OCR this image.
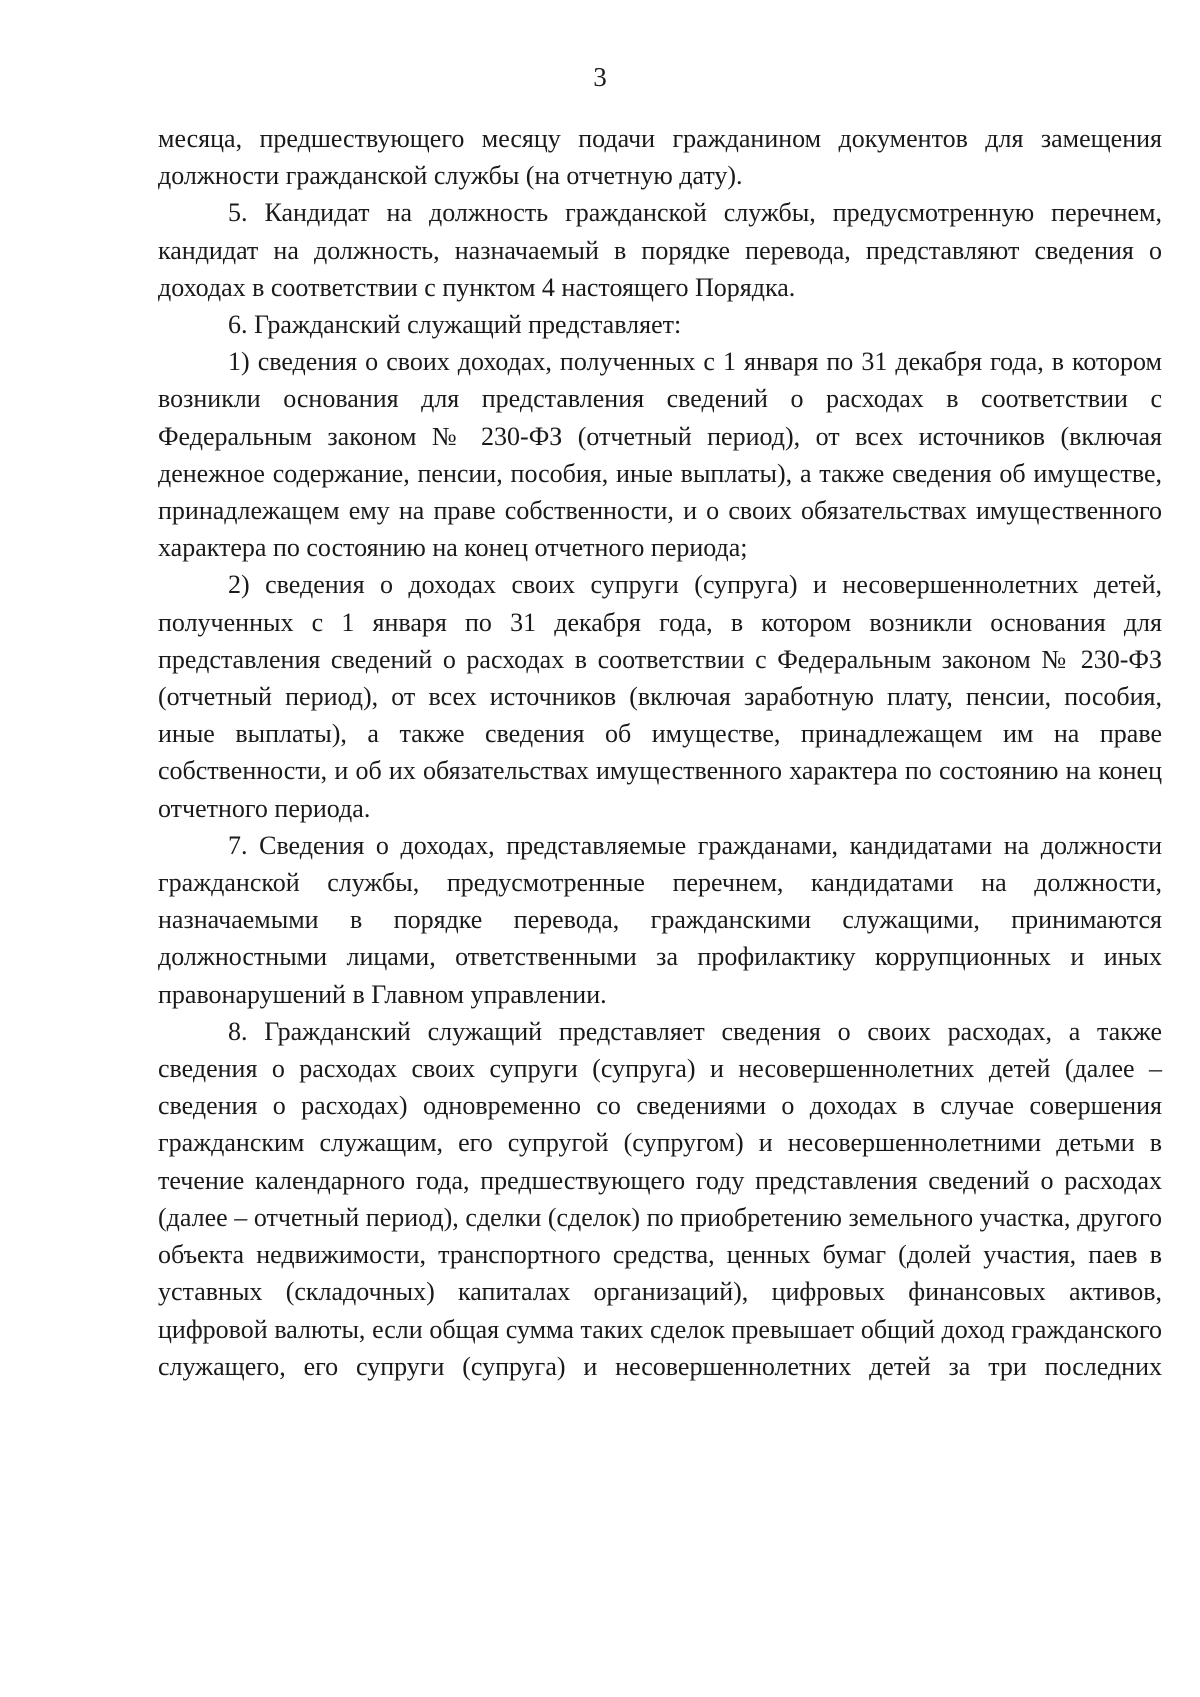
3

месяца, предшествующего месяцу подачи гражданином документов для замещения должности гражданской службы (на отчетную дату).

5. Кандидат на должность гражданской службы, предусмотренную перечнем, кандидат на должность, назначаемый в порядке перевода, представляют сведения о доходах в соответствии с пунктом 4 настоящего Порядка.

6. Гражданский служащий представляет:

1) сведения о своих доходах, полученных с 1 января по 31 декабря года, в котором возникли основания для представления сведений о расходах в соответствии с Федеральным законом № 230-ФЗ (отчетный период), от всех источников (включая денежное содержание, пенсии, пособия, иные выплаты), а также сведения об имуществе, принадлежащем ему на праве собственности, и о своих обязательствах имущественного характера по состоянию на конец отчетного периода;

2) сведения о доходах своих супруги (супруга) и несовершеннолетних детей, полученных с 1 января по 31 декабря года, в котором возникли основания для представления сведений о расходах в соответствии с Федеральным законом № 230-ФЗ (отчетный период), от всех источников (включая заработную плату, пенсии, пособия, иные выплаты), а также сведения об имуществе, принадлежащем им на праве собственности, и об их обязательствах имущественного характера по состоянию на конец отчетного периода.

7. Сведения о доходах, представляемые гражданами, кандидатами на должности гражданской службы, предусмотренные перечнем, кандидатами на должности, назначаемыми в порядке перевода, гражданскими служащими, принимаются должностными лицами, ответственными за профилактику коррупционных и иных правонарушений в Главном управлении.

8. Гражданский служащий представляет сведения о своих расходах, а также сведения о расходах своих супруги (супруга) и несовершеннолетних детей (далее – сведения о расходах) одновременно со сведениями о доходах в случае совершения гражданским служащим, его супругой (супругом) и несовершеннолетними детьми в течение календарного года, предшествующего году представления сведений о расходах (далее – отчетный период), сделки (сделок) по приобретению земельного участка, другого объекта недвижимости, транспортного средства, ценных бумаг (долей участия, паев в уставных (складочных) капиталах организаций), цифровых финансовых активов, цифровой валюты, если общая сумма таких сделок превышает общий доход гражданского служащего, его супруги (супруга) и несовершеннолетних детей за три последних
